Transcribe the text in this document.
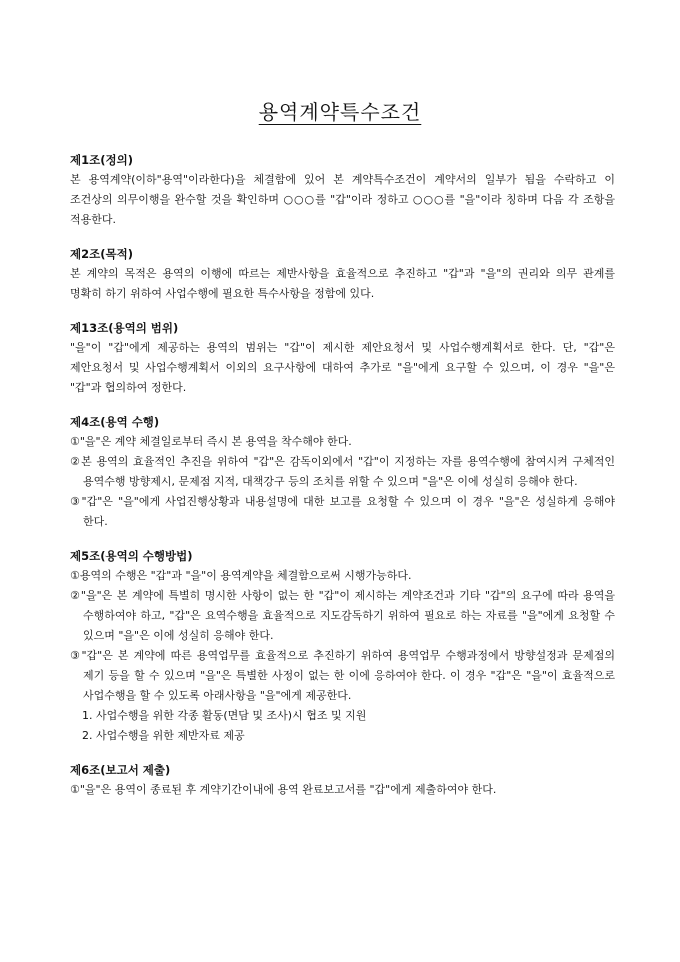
용역계약특수조건
제1조(정의)
본 용역계약(이하"용역"이라한다)을 체결함에 있어 본 계약특수조건이 계약서의 일부가 됨을 수락하고 이 조건상의 의무이행을 완수할 것을 확인하며 ○○○를 "갑"이라 정하고 ○○○를 "을"이라 칭하며 다음 각 조항을 적용한다.
제2조(목적)
본 계약의 목적은 용역의 이행에 따르는 제반사항을 효율적으로 추진하고 "갑"과 "을"의 권리와 의무 관계를 명확히 하기 위하여 사업수행에 필요한 특수사항을 정함에 있다.
제13조(용역의 범위)
"을"이 "갑"에게 제공하는 용역의 범위는 "갑"이 제시한 제안요청서 및 사업수행계획서로 한다. 단, "갑"은 제안요청서 및 사업수행계획서 이외의 요구사항에 대하여 추가로 "을"에게 요구할 수 있으며, 이 경우 "을"은 "갑"과 협의하여 정한다.
제4조(용역 수행)
①"을"은 계약 체결일로부터 즉시 본 용역을 착수해야 한다.
②본 용역의 효율적인 추진을 위하여 "갑"은 감독이외에서 "갑"이 지정하는 자를 용역수행에 참여시켜 구체적인 용역수행 방향제시, 문제점 지적, 대책강구 등의 조치를 위할 수 있으며 "을"은 이에 성실히 응해야 한다.
③"갑"은 "을"에게 사업진행상황과 내용설명에 대한 보고를 요청할 수 있으며 이 경우 "을"은 성실하게 응해야 한다.
제5조(용역의 수행방법)
①용역의 수행은 "갑"과 "을"이 용역계약을 체결함으로써 시행가능하다.
②"을"은 본 계약에 특별히 명시한 사항이 없는 한 "갑"이 제시하는 계약조건과 기타 "갑"의 요구에 따라 용역을 수행하여야 하고, "갑"은 요역수행을 효율적으로 지도감독하기 위하여 필요로 하는 자료를 "을"에게 요청할 수 있으며 "을"은 이에 성실히 응해야 한다.
③"갑"은 본 계약에 따른 용역업무를 효율적으로 추진하기 위하여 용역업무 수행과정에서 방향설정과 문제점의 제기 등을 할 수 있으며 "을"은 특별한 사정이 없는 한 이에 응하여야 한다. 이 경우 "갑"은 "을"이 효율적으로 사업수행을 할 수 있도록 아래사항을 "을"에게 제공한다.
1. 사업수행을 위한 각종 활동(면담 및 조사)시 협조 및 지원
2. 사업수행을 위한 제반자료 제공
제6조(보고서 제출)
①"을"은 용역이 종료된 후 계약기간이내에 용역 완료보고서를 "갑"에게 제출하여야 한다.
